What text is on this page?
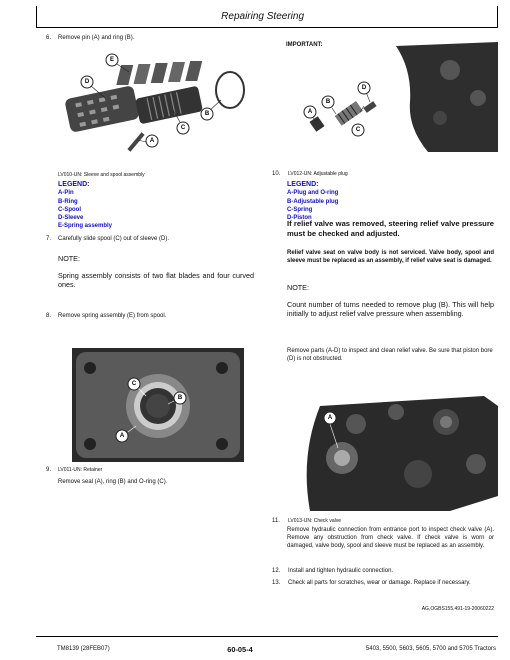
Repairing Steering
6. Remove pin (A) and ring (B).
D
E
C
B
A
LV010-UN: Sleeve and spool assembly
LEGEND:
A-Pin
B-Ring
C-Spool
D-Sleeve
E-Spring assembly
7. Carefully slide spool (C) out of sleeve (D).
NOTE:
Spring assembly consists of two flat blades and four curved ones.
8. Remove spring assembly (E) from spool.
C
B
A
9. LV011-UN: Retainer
Remove seal (A), ring (B) and O-ring (C).
IMPORTANT:
A
B
D
C
10. LV012-UN: Adjustable plug
LEGEND:
A-Plug and O-ring
B-Adjustable plug
C-Spring
D-Piston
If relief valve was removed, steering relief valve pressure must be checked and adjusted.
Relief valve seat on valve body is not serviced. Valve body, spool and sleeve must be replaced as an assembly, if relief valve seat is damaged.
NOTE:
Count number of turns needed to remove plug (B). This will help initially to adjust relief valve pressure when assembling.
Remove parts (A-D) to inspect and clean relief valve. Be sure that piston bore (D) is not obstructed.
A
11. LV013-UN: Check valve
Remove hydraulic connection from entrance port to inspect check valve (A). Remove any obstruction from check valve. If check valve is worn or damaged, valve body, spool and sleeve must be replaced as an assembly.
12. Install and tighten hydraulic connection.
13.	Check all parts for scratches, wear or damage. Replace if necessary.
AG,OGBS155,491-19-20060222
TM8139 (28FEB07)	60-05-4	5403, 5500, 5603, 5605, 5700 and 5705 Tractors
